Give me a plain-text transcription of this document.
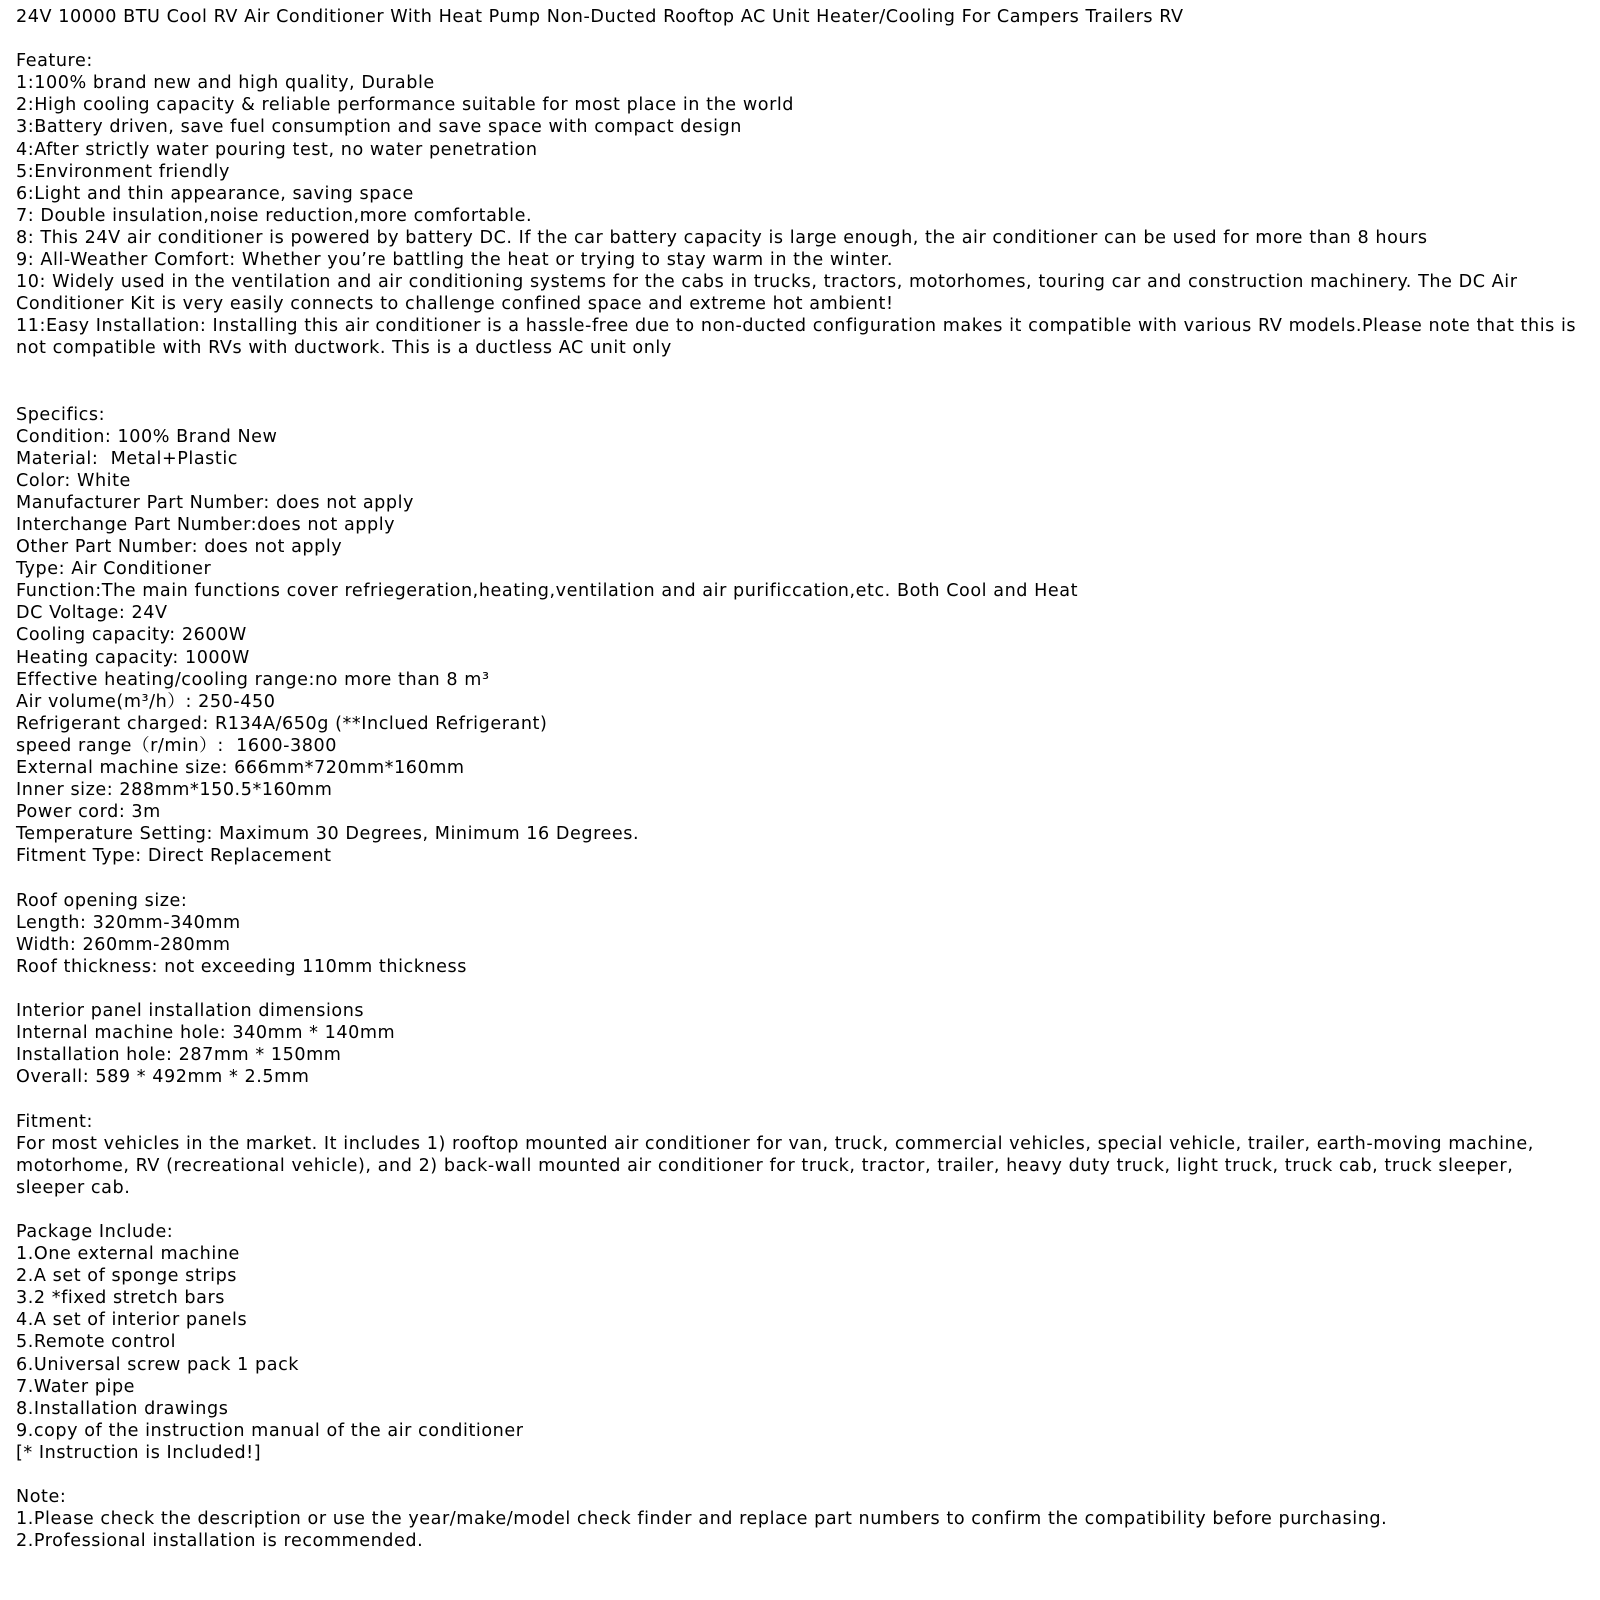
24V 10000 BTU Cool RV Air Conditioner With Heat Pump Non-Ducted Rooftop AC Unit Heater/Cooling For Campers Trailers RV
Feature:
1:100% brand new and high quality, Durable
2:High cooling capacity & reliable performance suitable for most place in the world
3:Battery driven, save fuel consumption and save space with compact design
4:After strictly water pouring test, no water penetration
5:Environment friendly
6:Light and thin appearance, saving space
7: Double insulation,noise reduction,more comfortable.
8: This 24V air conditioner is powered by battery DC. If the car battery capacity is large enough, the air conditioner can be used for more than 8 hours
9: All-Weather Comfort: Whether you’re battling the heat or trying to stay warm in the winter.
10: Widely used in the ventilation and air conditioning systems for the cabs in trucks, tractors, motorhomes, touring car and construction machinery. The DC Air Conditioner Kit is very easily connects to challenge confined space and extreme hot ambient!
11:Easy Installation: Installing this air conditioner is a hassle-free due to non-ducted configuration makes it compatible with various RV models.Please note that this is not compatible with RVs with ductwork. This is a ductless AC unit only
Specifics:
Condition: 100% Brand New
Material:  Metal+Plastic
Color: White
Manufacturer Part Number: does not apply
Interchange Part Number:does not apply
Other Part Number: does not apply
Type: Air Conditioner
Function:The main functions cover refriegeration,heating,ventilation and air purificcation,etc. Both Cool and Heat
DC Voltage: 24V
Cooling capacity: 2600W
Heating capacity: 1000W
Effective heating/cooling range:no more than 8 m³
Air volume(m³/h）: 250-450
Refrigerant charged: R134A/650g (**Inclued Refrigerant)
speed range（r/min）:  1600-3800
External machine size: 666mm*720mm*160mm
Inner size: 288mm*150.5*160mm
Power cord: 3m
Temperature Setting: Maximum 30 Degrees, Minimum 16 Degrees.
Fitment Type: Direct Replacement
Roof opening size:
Length: 320mm-340mm
Width: 260mm-280mm
Roof thickness: not exceeding 110mm thickness
Interior panel installation dimensions
Internal machine hole: 340mm * 140mm
Installation hole: 287mm * 150mm
Overall: 589 * 492mm * 2.5mm
Fitment:
For most vehicles in the market. It includes 1) rooftop mounted air conditioner for van, truck, commercial vehicles, special vehicle, trailer, earth-moving machine, motorhome, RV (recreational vehicle), and 2) back-wall mounted air conditioner for truck, tractor, trailer, heavy duty truck, light truck, truck cab, truck sleeper, sleeper cab.
Package Include:
1.One external machine
2.A set of sponge strips
3.2 *fixed stretch bars
4.A set of interior panels
5.Remote control
6.Universal screw pack 1 pack
7.Water pipe
8.Installation drawings
9.copy of the instruction manual of the air conditioner
[* Instruction is Included!]
Note:
1.Please check the description or use the year/make/model check finder and replace part numbers to confirm the compatibility before purchasing.
2.Professional installation is recommended.
